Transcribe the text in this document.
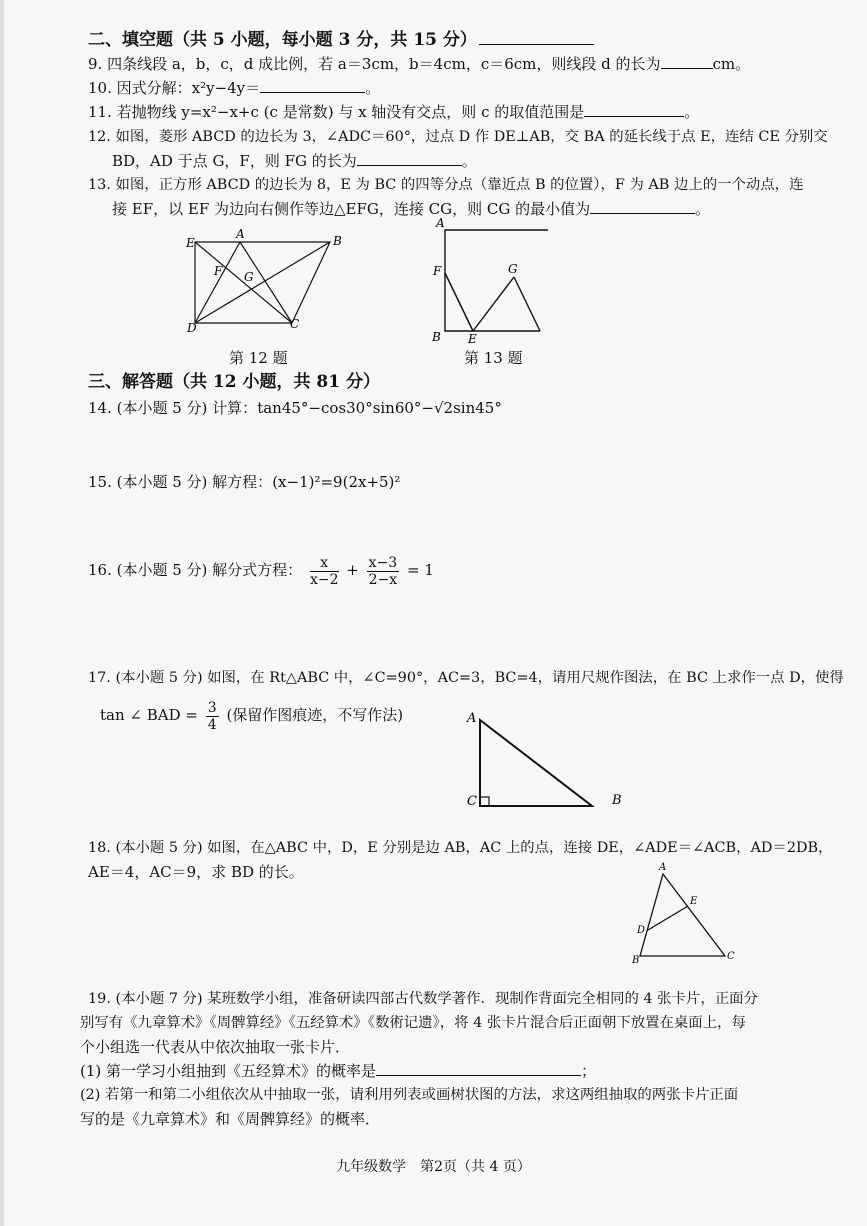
二、填空题（共 5 小题，每小题 3 分，共 15 分）
9. 四条线段 a，b，c，d 成比例，若 a＝3cm，b＝4cm，c＝6cm，则线段 d 的长为	cm。
10. 因式分解：x²y−4y＝	。
11. 若抛物线 y=x²−x+c (c 是常数) 与 x 轴没有交点，则 c 的取值范围是	。
12. 如图，菱形 ABCD 的边长为 3，∠ADC＝60°，过点 D 作 DE⊥AB，交 BA 的延长线于点 E，连结 CE 分别交
BD，AD 于点 G，F，则 FG 的长为	。
13. 如图，正方形 ABCD 的边长为 8，E 为 BC 的四等分点（靠近点 B 的位置），F 为 AB 边上的一个动点，连
接 EF，以 EF 为边向右侧作等边△EFG，连接 CG，则 CG 的最小值为	。
E
A	B
F G
D	C
第 12 题
A
F	G
B E
第 13 题
三、解答题（共 12 小题，共 81 分）
14. (本小题 5 分) 计算：tan45°−cos30°sin60°−√2sin45°
15. (本小题 5 分) 解方程：(x−1)²=9(2x+5)²
16. (本小题 5 分) 解分式方程： $\frac{x}{x-2} + \frac{x-3}{2-x} = 1$
17. (本小题 5 分) 如图，在 Rt△ABC 中，∠C=90°，AC=3，BC=4，请用尺规作图法，在 BC 上求作一点 D，使得
tan ∠ BAD = $\frac{3}{4}$ (保留作图痕迹，不写作法)	A
C	B
18. (本小题 5 分) 如图，在△ABC 中，D，E 分别是边 AB，AC 上的点，连接 DE，∠ADE＝∠ACB，AD＝2DB，
AE＝4，AC＝9，求 BD 的长。	A
E
D
B	C
19. (本小题 7 分) 某班数学小组，准备研读四部古代数学著作．现制作背面完全相同的 4 张卡片，正面分
别写有《九章算术》《周髀算经》《五经算术》《数術记遗》，将 4 张卡片混合后正面朝下放置在桌面上，每
个小组选一代表从中依次抽取一张卡片．
(1) 第一学习小组抽到《五经算术》的概率是	；
(2) 若第一和第二小组依次从中抽取一张，请利用列表或画树状图的方法，求这两组抽取的两张卡片正面
写的是《九章算术》和《周髀算经》的概率．
九年级数学　第2页（共 4 页）
